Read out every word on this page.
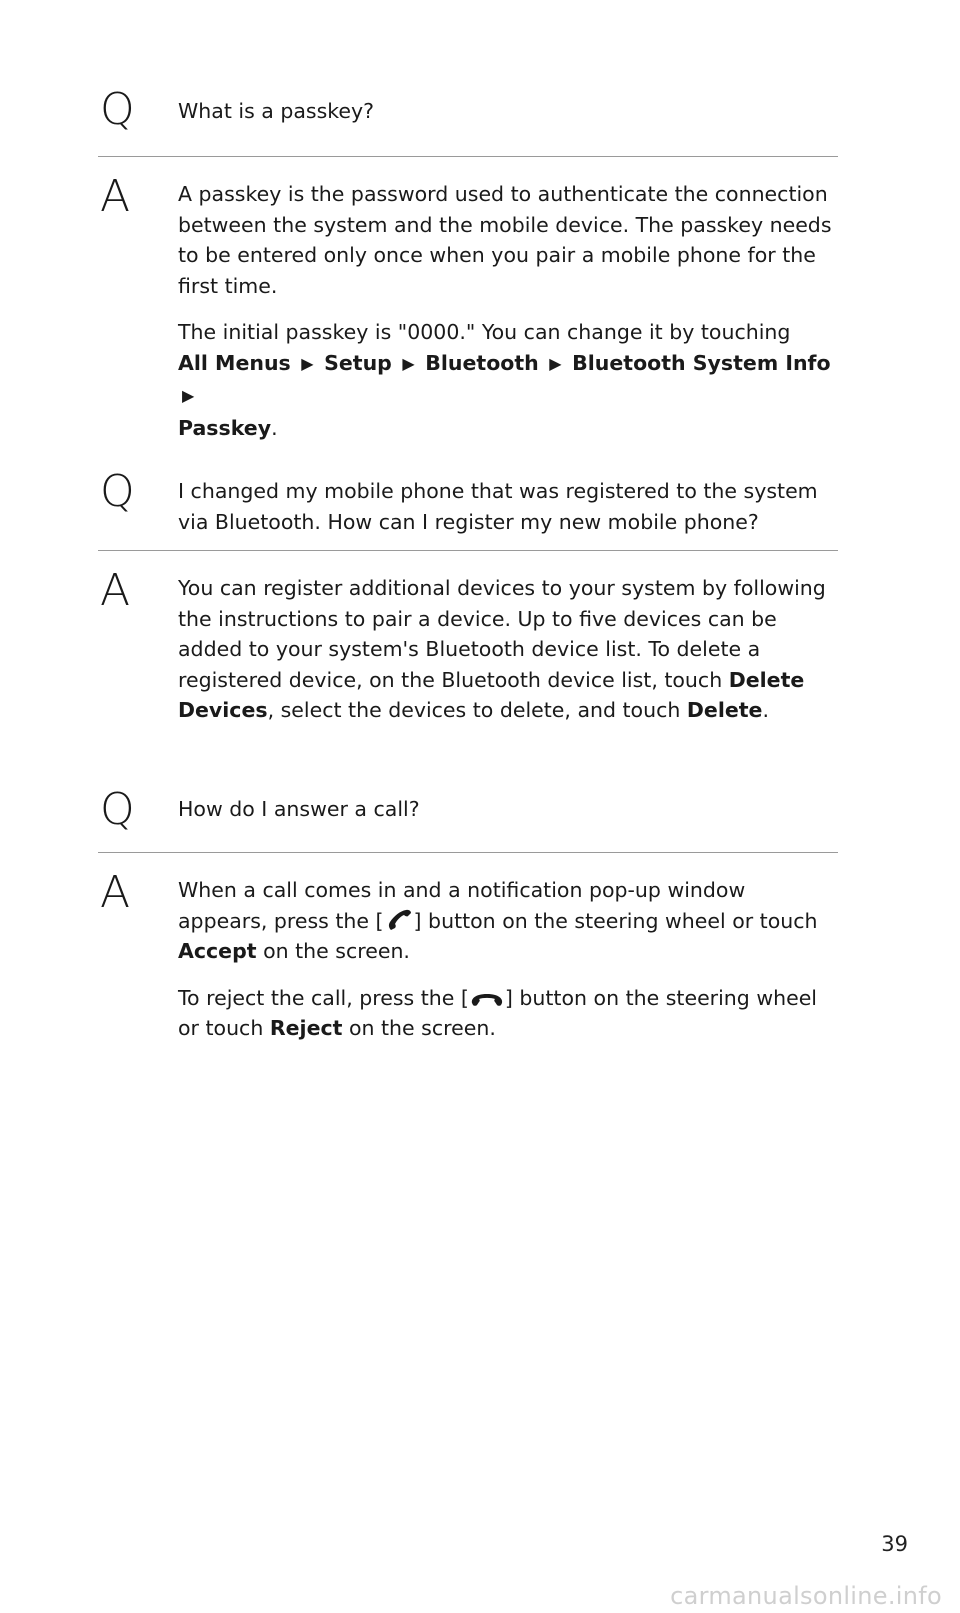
Q What is a passkey?
A A passkey is the password used to authenticate the connection between the system and the mobile device. The passkey needs to be entered only once when you pair a mobile phone for the first time.

The initial passkey is "0000." You can change it by touching
All Menus ▶ Setup ▶ Bluetooth ▶ Bluetooth System Info ▶
Passkey.

Q I changed my mobile phone that was registered to the system via Bluetooth. How can I register my new mobile phone?
A You can register additional devices to your system by following the instructions to pair a device. Up to five devices can be added to your system's Bluetooth device list. To delete a registered device, on the Bluetooth device list, touch Delete Devices, select the devices to delete, and touch Delete.

Q How do I answer a call?
A When a call comes in and a notification pop-up window appears, press the [ ] button on the steering wheel or touch Accept on the screen.

To reject the call, press the [ ] button on the steering wheel or touch Reject on the screen.

39
carmanualsonline.info
